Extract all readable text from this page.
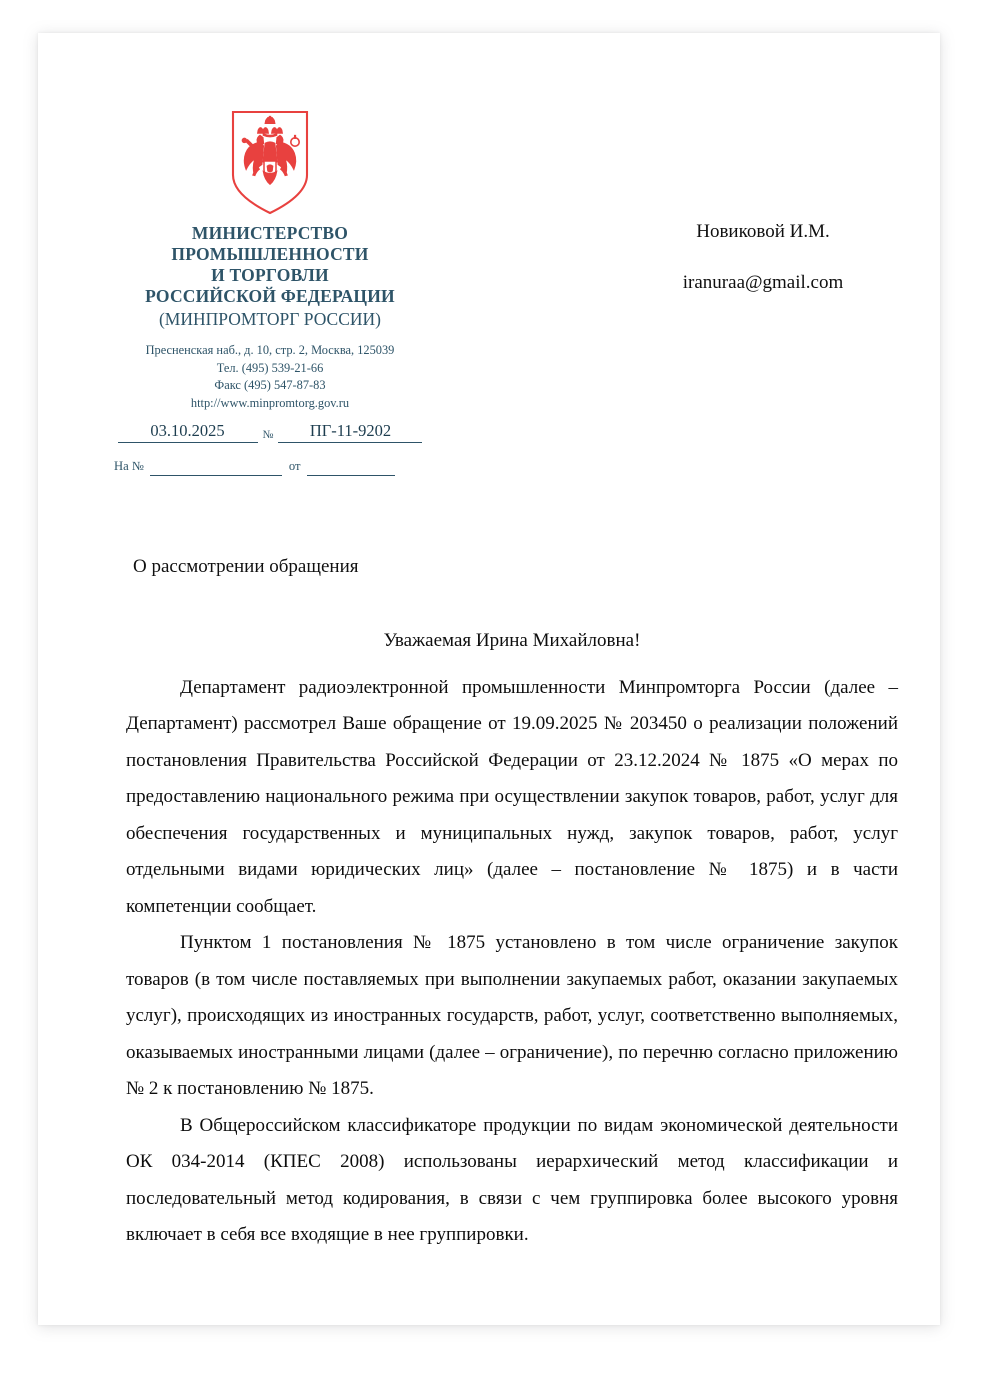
МИНИСТЕРСТВО
ПРОМЫШЛЕННОСТИ
И ТОРГОВЛИ
РОССИЙСКОЙ ФЕДЕРАЦИИ
(МИНПРОМТОРГ РОССИИ)
Пресненская наб., д. 10, стр. 2, Москва, 125039
Тел. (495) 539-21-66
Факс (495) 547-87-83
http://www.minpromtorg.gov.ru
03.10.2025	№	ПГ-11-9202
На №	от
Новиковой И.М.
iranuraa@gmail.com
О рассмотрении обращения
Уважаемая Ирина Михайловна!

Департамент радиоэлектронной промышленности Минпромторга России (далее – Департамент) рассмотрел Ваше обращение от 19.09.2025 № 203450 о реализации положений постановления Правительства Российской Федерации от 23.12.2024 № 1875 «О мерах по предоставлению национального режима при осуществлении закупок товаров, работ, услуг для обеспечения государственных и муниципальных нужд, закупок товаров, работ, услуг отдельными видами юридических лиц» (далее – постановление № 1875) и в части компетенции сообщает.

Пунктом 1 постановления № 1875 установлено в том числе ограничение закупок товаров (в том числе поставляемых при выполнении закупаемых работ, оказании закупаемых услуг), происходящих из иностранных государств, работ, услуг, соответственно выполняемых, оказываемых иностранными лицами (далее – ограничение), по перечню согласно приложению № 2 к постановлению № 1875.

В Общероссийском классификаторе продукции по видам экономической деятельности ОК 034-2014 (КПЕС 2008) использованы иерархический метод классификации и последовательный метод кодирования, в связи с чем группировка более высокого уровня включает в себя все входящие в нее группировки.
